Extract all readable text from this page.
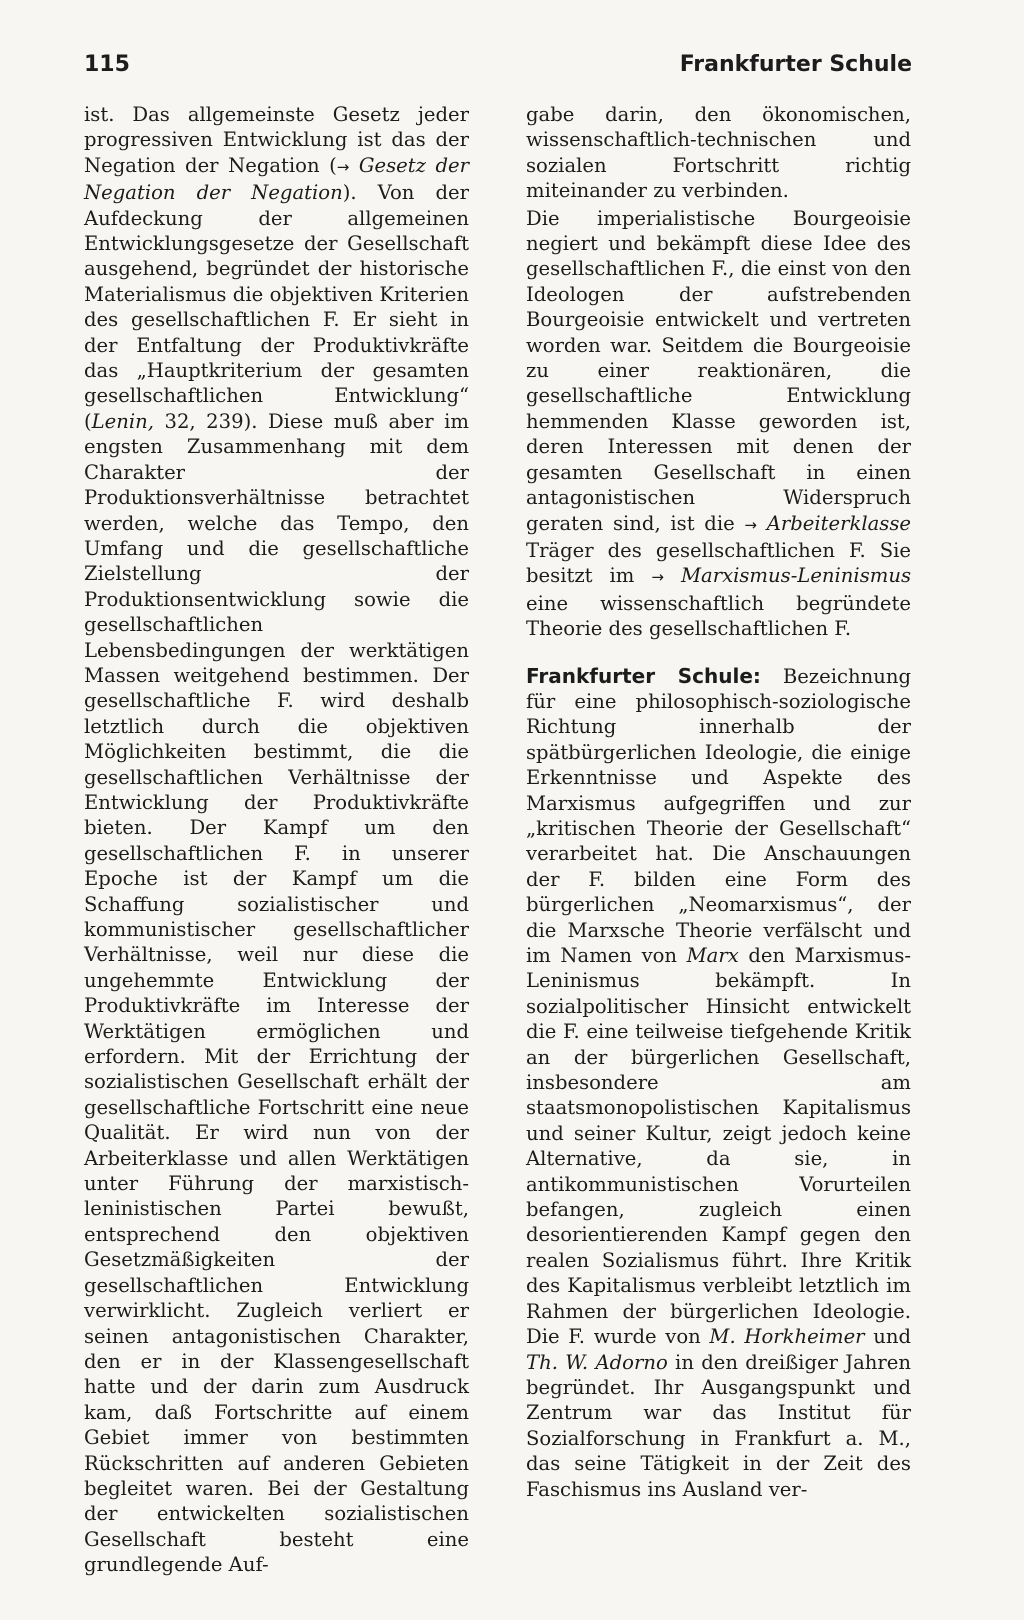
115	Frankfurter Schule

ist. Das allgemeinste Gesetz jeder progressiven Entwicklung ist das der Negation der Negation (→ Gesetz der Negation der Negation). Von der Aufdeckung der allgemeinen Entwicklungsgesetze der Gesellschaft ausgehend, begründet der historische Materialismus die objektiven Kriterien des gesellschaftlichen F. Er sieht in der Entfaltung der Produktivkräfte das „Hauptkriterium der gesamten gesellschaftlichen Entwicklung“ (Lenin, 32, 239). Diese muß aber im engsten Zusammenhang mit dem Charakter der Produktionsverhältnisse betrachtet werden, welche das Tempo, den Umfang und die gesellschaftliche Zielstellung der Produktionsentwicklung sowie die gesellschaftlichen Lebensbedingungen der werktätigen Massen weitgehend bestimmen. Der gesellschaftliche F. wird deshalb letztlich durch die objektiven Möglichkeiten bestimmt, die die gesellschaftlichen Verhältnisse der Entwicklung der Produktivkräfte bieten. Der Kampf um den gesellschaftlichen F. in unserer Epoche ist der Kampf um die Schaffung sozialistischer und kommunistischer gesellschaftlicher Verhältnisse, weil nur diese die ungehemmte Entwicklung der Produktivkräfte im Interesse der Werktätigen ermöglichen und erfordern. Mit der Errichtung der sozialistischen Gesellschaft erhält der gesellschaftliche Fortschritt eine neue Qualität. Er wird nun von der Arbeiterklasse und allen Werktätigen unter Führung der marxistisch-leninistischen Partei bewußt, entsprechend den objektiven Gesetzmäßigkeiten der gesellschaftlichen Entwicklung verwirklicht. Zugleich verliert er seinen antagonistischen Charakter, den er in der Klassengesellschaft hatte und der darin zum Ausdruck kam, daß Fortschritte auf einem Gebiet immer von bestimmten Rückschritten auf anderen Gebieten begleitet waren. Bei der Gestaltung der entwickelten sozialistischen Gesellschaft besteht eine grundlegende Auf-

gabe darin, den ökonomischen, wissenschaftlich-technischen und sozialen Fortschritt richtig miteinander zu verbinden.

Die imperialistische Bourgeoisie negiert und bekämpft diese Idee des gesellschaftlichen F., die einst von den Ideologen der aufstrebenden Bourgeoisie entwickelt und vertreten worden war. Seitdem die Bourgeoisie zu einer reaktionären, die gesellschaftliche Entwicklung hemmenden Klasse geworden ist, deren Interessen mit denen der gesamten Gesellschaft in einen antagonistischen Widerspruch geraten sind, ist die → Arbeiterklasse Träger des gesellschaftlichen F. Sie besitzt im → Marxismus-Leninismus eine wissenschaftlich begründete Theorie des gesellschaftlichen F.

Frankfurter Schule: Bezeichnung für eine philosophisch-soziologische Richtung innerhalb der spätbürgerlichen Ideologie, die einige Erkenntnisse und Aspekte des Marxismus aufgegriffen und zur „kritischen Theorie der Gesellschaft“ verarbeitet hat. Die Anschauungen der F. bilden eine Form des bürgerlichen „Neomarxismus“, der die Marxsche Theorie verfälscht und im Namen von Marx den Marxismus-Leninismus bekämpft. In sozialpolitischer Hinsicht entwickelt die F. eine teilweise tiefgehende Kritik an der bürgerlichen Gesellschaft, insbesondere am staatsmonopolistischen Kapitalismus und seiner Kultur, zeigt jedoch keine Alternative, da sie, in antikommunistischen Vorurteilen befangen, zugleich einen desorientierenden Kampf gegen den realen Sozialismus führt. Ihre Kritik des Kapitalismus verbleibt letztlich im Rahmen der bürgerlichen Ideologie. Die F. wurde von M. Horkheimer und Th. W. Adorno in den dreißiger Jahren begründet. Ihr Ausgangspunkt und Zentrum war das Institut für Sozialforschung in Frankfurt a. M., das seine Tätigkeit in der Zeit des Faschismus ins Ausland ver-
